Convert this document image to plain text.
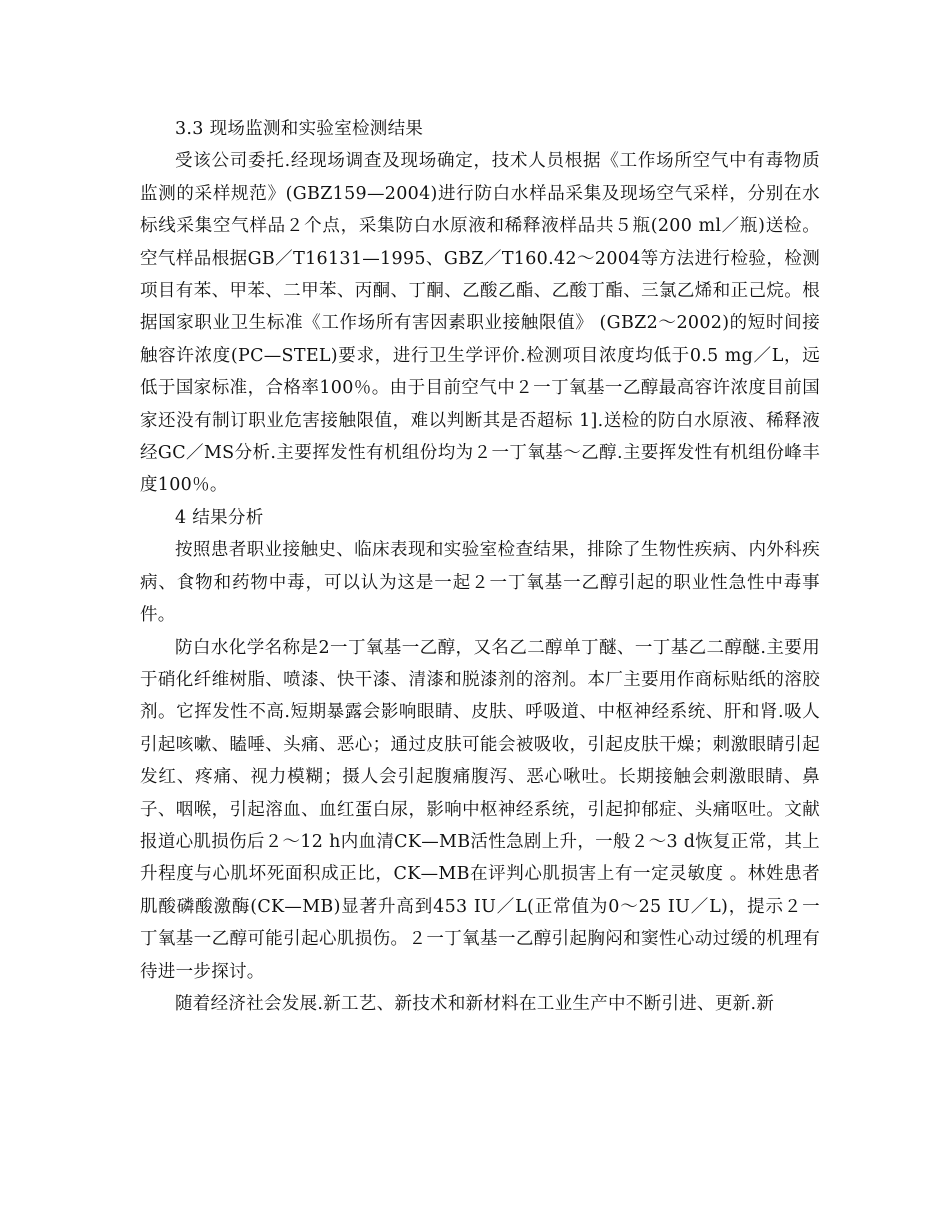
3.3 现场监测和实验室检测结果

受该公司委托.经现场调查及现场确定，技术人员根据《工作场所空气中有毒物质监测的采样规范》(GBZ159—2004)进行防白水样品采集及现场空气采样，分别在水标线采集空气样品２个点，采集防白水原液和稀释液样品共５瓶(200 ml／瓶)送检。空气样品根据GB／T16131—1995、GBZ／T160.42～2004等方法进行检验，检测项目有苯、甲苯、二甲苯、丙酮、丁酮、乙酸乙酯、乙酸丁酯、三氯乙烯和正己烷。根据国家职业卫生标准《工作场所有害因素职业接触限值》 (GBZ2～2002)的短时间接触容许浓度(PC—STEL)要求，进行卫生学评价.检测项目浓度均低于0.5 mg／L，远低于国家标准，合格率100％。由于目前空气中２一丁氧基一乙醇最高容许浓度目前国家还没有制订职业危害接触限值，难以判断其是否超标 1].送检的防白水原液、稀释液经GC／MS分析.主要挥发性有机组份均为２一丁氧基～乙醇.主要挥发性有机组份峰丰度100％。

4 结果分析

按照患者职业接触史、临床表现和实验室检查结果，排除了生物性疾病、内外科疾病、食物和药物中毒，可以认为这是一起２一丁氧基一乙醇引起的职业性急性中毒事件。

防白水化学名称是2一丁氧基一乙醇，又名乙二醇单丁醚、一丁基乙二醇醚.主要用于硝化纤维树脂、喷漆、快干漆、清漆和脱漆剂的溶剂。本厂主要用作商标贴纸的溶胶剂。它挥发性不高.短期暴露会影响眼睛、皮肤、呼吸道、中枢神经系统、肝和肾.吸人引起咳嗽、瞌唾、头痛、恶心；通过皮肤可能会被吸收，引起皮肤干燥；刺激眼睛引起发红、疼痛、视力模糊；摄人会引起腹痛腹泻、恶心啾吐。长期接触会刺激眼睛、鼻子、咽喉，引起溶血、血红蛋白尿，影响中枢神经系统，引起抑郁症、头痛呕吐。文献报道心肌损伤后２～12 h内血清CK—MB活性急剧上升，一般２～3 d恢复正常，其上升程度与心肌坏死面积成正比，CK—MB在评判心肌损害上有一定灵敏度 。林姓患者肌酸磷酸激酶(CK—MB)显著升高到453 IU／L(正常值为0～25 IU／L)，提示２一丁氧基一乙醇可能引起心肌损伤。２一丁氧基一乙醇引起胸闷和窦性心动过缓的机理有待进一步探讨。

随着经济社会发展.新工艺、新技术和新材料在工业生产中不断引进、更新.新
